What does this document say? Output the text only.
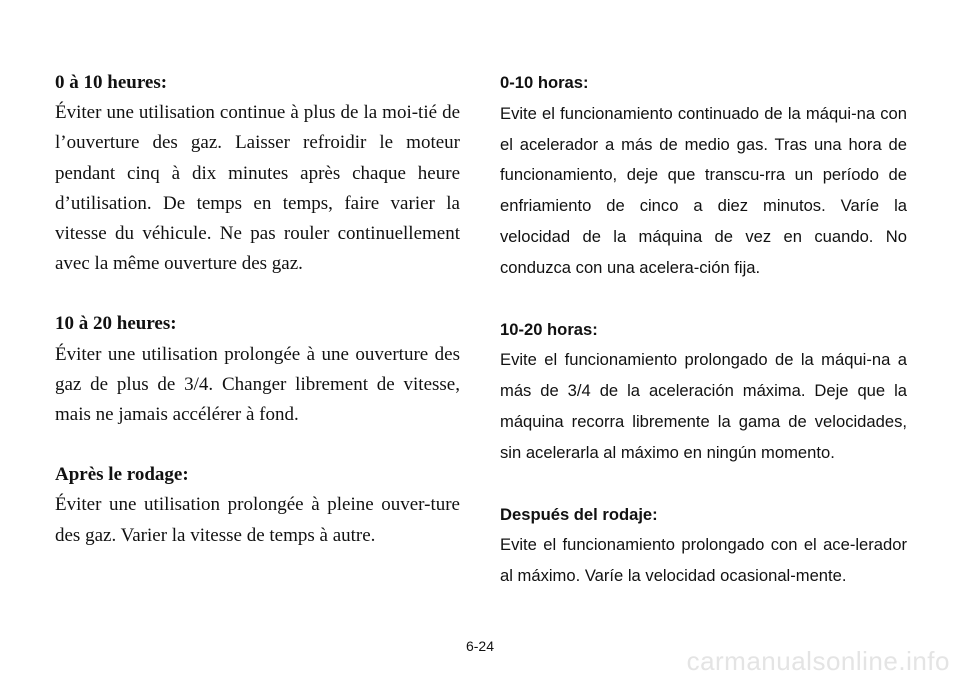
0 à 10 heures:
Éviter une utilisation continue à plus de la moi-tié de l’ouverture des gaz. Laisser refroidir le moteur pendant cinq à dix minutes après chaque heure d’utilisation. De temps en temps, faire varier la vitesse du véhicule. Ne pas rouler continuellement avec la même ouverture des gaz.
10 à 20 heures:
Éviter une utilisation prolongée à une ouverture des gaz de plus de 3/4. Changer librement de vitesse, mais ne jamais accélérer à fond.
Après le rodage:
Éviter une utilisation prolongée à pleine ouver-ture des gaz. Varier la vitesse de temps à autre.
0-10 horas:
Evite el funcionamiento continuado de la máqui-na con el acelerador a más de medio gas. Tras una hora de funcionamiento, deje que transcu-rra un período de enfriamiento de cinco a diez minutos. Varíe la velocidad de la máquina de vez en cuando. No conduzca con una acelera-ción fija.
10-20 horas:
Evite el funcionamiento prolongado de la máqui-na a más de 3/4 de la aceleración máxima. Deje que la máquina recorra libremente la gama de velocidades, sin acelerarla al máximo en ningún momento.
Después del rodaje:
Evite el funcionamiento prolongado con el ace-lerador al máximo. Varíe la velocidad ocasional-mente.
6-24	carmanualsonline.info
